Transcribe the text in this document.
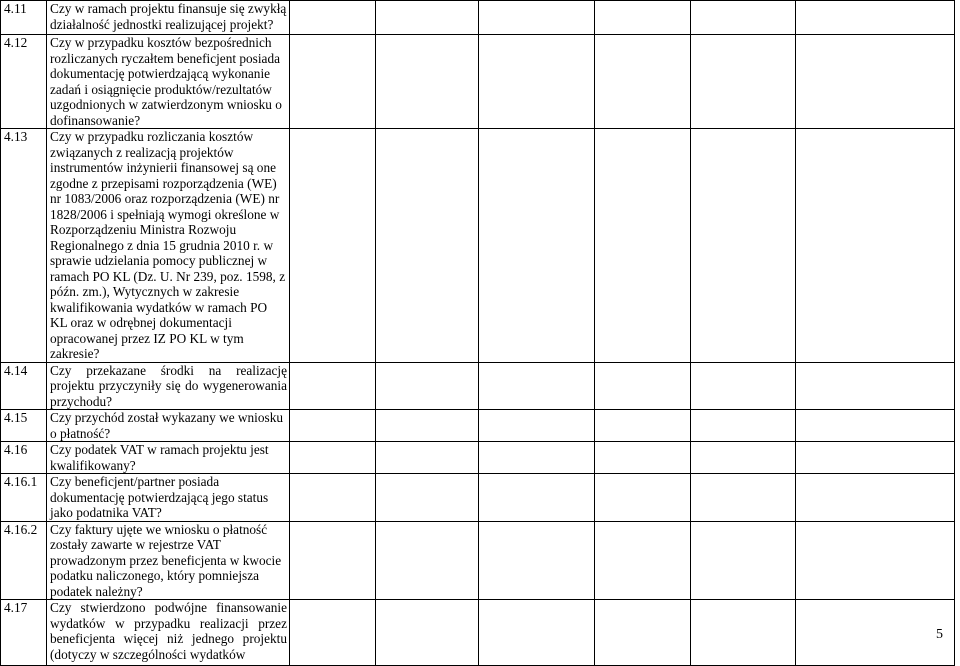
4.11	Czy w ramach projektu finansuje się zwykłą działalność jednostki realizującej projekt?						
4.12	Czy w przypadku kosztów bezpośrednich rozliczanych ryczałtem beneficjent posiada dokumentację potwierdzającą wykonanie zadań i osiągnięcie produktów/rezultatów uzgodnionych w zatwierdzonym wniosku o dofinansowanie?						
4.13	Czy w przypadku rozliczania kosztów związanych z realizacją projektów instrumentów inżynierii finansowej są one zgodne z przepisami rozporządzenia (WE) nr 1083/2006 oraz rozporządzenia (WE) nr 1828/2006 i spełniają wymogi określone w Rozporządzeniu Ministra Rozwoju Regionalnego z dnia 15 grudnia 2010 r. w sprawie udzielania pomocy publicznej w ramach PO KL (Dz. U. Nr 239, poz. 1598, z późn. zm.), Wytycznych w zakresie kwalifikowania wydatków w ramach PO KL oraz w odrębnej dokumentacji opracowanej przez IZ PO KL w tym zakresie?						
4.14	Czy przekazane środki na realizację projektu przyczyniły się do wygenerowania przychodu?						
4.15	Czy przychód został wykazany we wniosku o płatność?						
4.16	Czy podatek VAT w ramach projektu jest kwalifikowany?						
4.16.1	Czy beneficjent/partner posiada dokumentację potwierdzającą jego status jako podatnika VAT?						
4.16.2	Czy faktury ujęte we wniosku o płatność zostały zawarte w rejestrze VAT prowadzonym przez beneficjenta w kwocie podatku naliczonego, który pomniejsza podatek należny?						
4.17	Czy stwierdzono podwójne finansowanie wydatków w przypadku realizacji przez beneficjenta więcej niż jednego projektu (dotyczy w szczególności wydatków						
5
